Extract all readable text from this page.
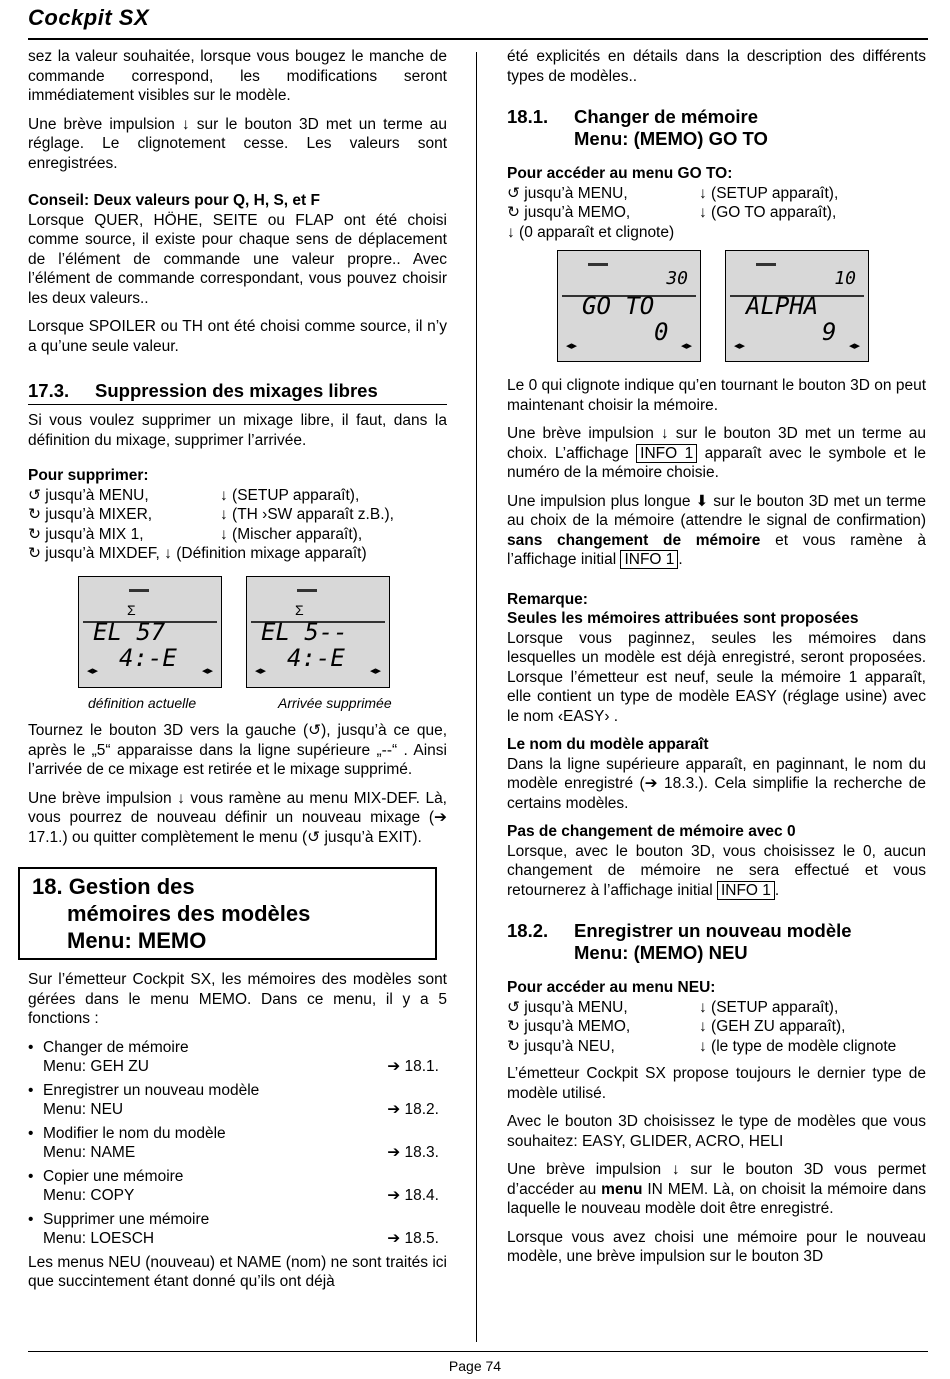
Cockpit SX

sez la valeur souhaitée, lorsque vous bougez le manche de commande correspond, les modifications seront immédiatement visibles sur le modèle.

Une brève impulsion ↓ sur le bouton 3D met un terme au réglage. Le clignotement cesse. Les valeurs sont enregistrées.

Conseil: Deux valeurs pour Q, H, S, et F

Lorsque QUER, HÖHE, SEITE ou FLAP ont été choisi comme source, il existe pour chaque sens de déplacement de l’élément de commande une valeur propre.. Avec l’élément de commande correspondant, vous pouvez choisir les deux valeurs..

Lorsque SPOILER ou TH ont été choisi comme source, il n’y a qu’une seule valeur.

17.3. Suppression des mixages libres

Si vous voulez supprimer un mixage libre, il faut, dans la définition du mixage, supprimer l’arrivée.

Pour supprimer:
↺ jusqu’à MENU,	↓ (SETUP apparaît),
↻ jusqu’à MIXER,	↓ (TH ›SW apparaît z.B.),
↻ jusqu’à MIX 1,	↓ (Mischer apparaît),
↻ jusqu’à MIXDEF, ↓ (Définition mixage apparaît)
Σ
EL 57
4:-E
◂▸	◂▸
Σ
EL 5--
4:-E
◂▸	◂▸
définition actuelle	Arrivée supprimée

Tournez le bouton 3D vers la gauche (↺), jusqu’à ce que, après le „5“ apparaisse dans la ligne supérieure „--“ . Ainsi l’arrivée de ce mixage est retirée et le mixage supprimé.

Une brève impulsion ↓ vous ramène au menu MIX-DEF. Là, vous pourrez de nouveau définir un nouveau mixage (➔ 17.1.) ou quitter complètement le menu (↺ jusqu’à EXIT).

18. Gestion des
mémoires des modèles
Menu: MEMO

Sur l’émetteur Cockpit SX, les mémoires des modèles sont gérées dans le menu MEMO. Dans ce menu, il y a 5 fonctions :

• Changer de mémoire
Menu: GEH ZU	➔ 18.1.
• Enregistrer un nouveau modèle
Menu: NEU	➔ 18.2.
• Modifier le nom du modèle
Menu: NAME	➔ 18.3.
• Copier une mémoire
Menu: COPY	➔ 18.4.
• Supprimer une mémoire
Menu: LOESCH	➔ 18.5.

Les menus NEU (nouveau) et NAME (nom) ne sont traités ici que succintement étant donné qu’ils ont déjà

été explicités en détails dans la description des différents types de modèles..

18.1. Changer de mémoire
Menu: (MEMO) GO TO
Pour accéder au menu GO TO:
↺ jusqu’à MENU,	↓ (SETUP apparaît),
↻ jusqu’à MEMO,	↓ (GO TO apparaît),
↓ (0 apparaît et clignote)
30
GO TO
0
◂▸	◂▸
10
ALPHA
9
◂▸	◂▸

Le 0 qui clignote indique qu’en tournant le bouton 3D on peut maintenant choisir la mémoire.

Une brève impulsion ↓ sur le bouton 3D met un terme au choix. L’affichage INFO 1 apparaît avec le symbole et le numéro de la mémoire choisie.

Une impulsion plus longue ⬇ sur le bouton 3D met un terme au choix de la mémoire (attendre le signal de confirmation) sans changement de mémoire et vous ramène à l’affichage initial INFO 1 .

Remarque:
Seules les mémoires attribuées sont proposées

Lorsque vous paginnez, seules les mémoires dans lesquelles un modèle est déjà enregistré, seront proposées. Lorsque l’émetteur est neuf, seule la mémoire 1 apparaît, elle contient un type de modèle EASY (réglage usine) avec le nom ‹EASY› .

Le nom du modèle apparaît

Dans la ligne supérieure apparaît, en paginnant, le nom du modèle enregistré (➔ 18.3.). Cela simplifie la recherche de certains modèles.

Pas de changement de mémoire avec 0

Lorsque, avec le bouton 3D, vous choisissez le 0, aucun changement de mémoire ne sera effectué et vous retournerez à l’affichage initial INFO 1 .

18.2. Enregistrer un nouveau modèle
Menu: (MEMO) NEU
Pour accéder au menu NEU:
↺ jusqu’à MENU,	↓ (SETUP apparaît),
↻ jusqu’à MEMO,	↓ (GEH ZU apparaît),
↻ jusqu’à NEU,	↓ (le type de modèle clignote

L’émetteur Cockpit SX propose toujours le dernier type de modèle utilisé.

Avec le bouton 3D choisissez le type de modèles que vous souhaitez: EASY, GLIDER, ACRO, HELI

Une brève impulsion ↓ sur le bouton 3D vous permet d’accéder au menu IN MEM. Là, on choisit la mémoire dans laquelle le nouveau modèle doit être enregistré.

Lorsque vous avez choisi une mémoire pour le nouveau modèle, une brève impulsion sur le bouton 3D

Page 74
